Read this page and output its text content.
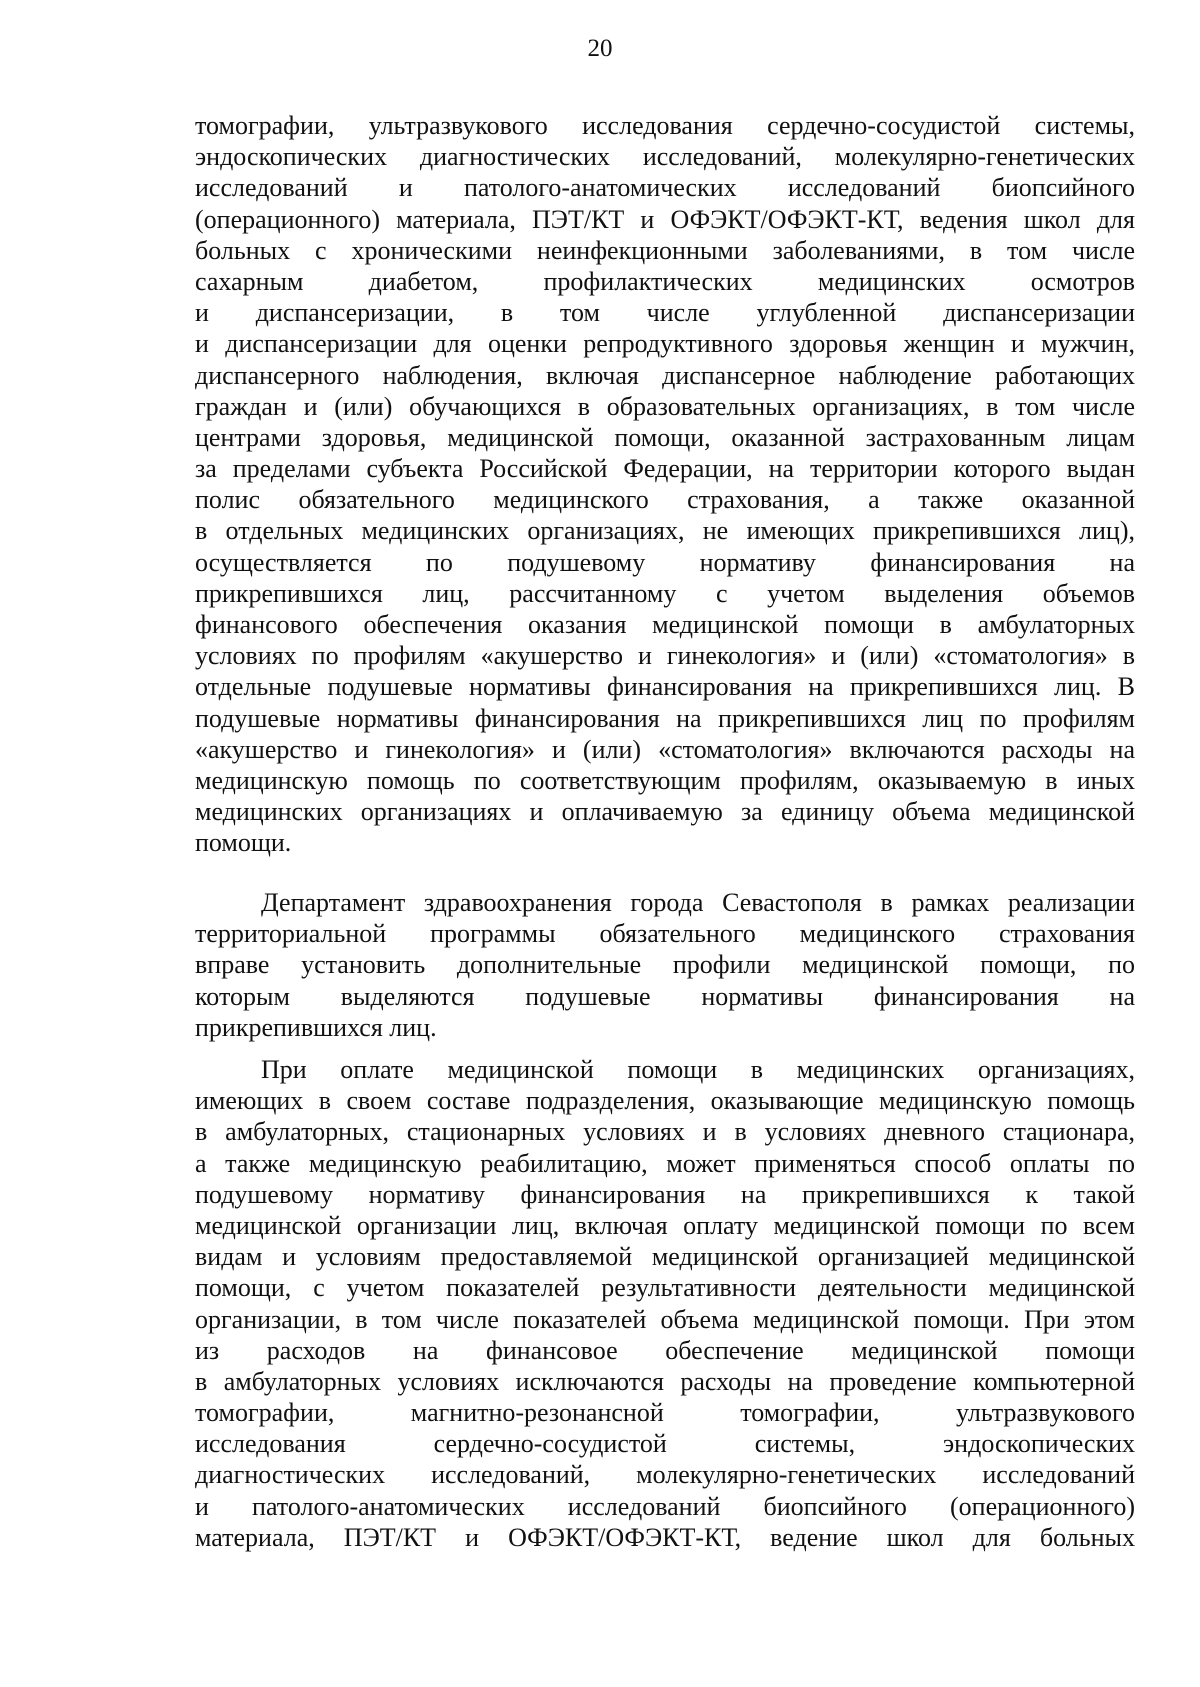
20
томографии, ультразвукового исследования сердечно-сосудистой системы,
эндоскопических диагностических исследований, молекулярно-генетических
исследований и патолого-анатомических исследований биопсийного
(операционного) материала, ПЭТ/КТ и ОФЭКТ/ОФЭКТ-КТ, ведения школ для
больных с хроническими неинфекционными заболеваниями, в том числе
сахарным диабетом, профилактических медицинских осмотров
и диспансеризации, в том числе углубленной диспансеризации
и диспансеризации для оценки репродуктивного здоровья женщин и мужчин,
диспансерного наблюдения, включая диспансерное наблюдение работающих
граждан и (или) обучающихся в образовательных организациях, в том числе
центрами здоровья, медицинской помощи, оказанной застрахованным лицам
за пределами субъекта Российской Федерации, на территории которого выдан
полис обязательного медицинского страхования, а также оказанной
в отдельных медицинских организациях, не имеющих прикрепившихся лиц),
осуществляется по подушевому нормативу финансирования на
прикрепившихся лиц, рассчитанному с учетом выделения объемов
финансового обеспечения оказания медицинской помощи в амбулаторных
условиях по профилям «акушерство и гинекология» и (или) «стоматология» в
отдельные подушевые нормативы финансирования на прикрепившихся лиц. В
подушевые нормативы финансирования на прикрепившихся лиц по профилям
«акушерство и гинекология» и (или) «стоматология» включаются расходы на
медицинскую помощь по соответствующим профилям, оказываемую в иных
медицинских организациях и оплачиваемую за единицу объема медицинской
помощи.
Департамент здравоохранения города Севастополя в рамках реализации
территориальной программы обязательного медицинского страхования
вправе установить дополнительные профили медицинской помощи, по
которым выделяются подушевые нормативы финансирования на
прикрепившихся лиц.
При оплате медицинской помощи в медицинских организациях,
имеющих в своем составе подразделения, оказывающие медицинскую помощь
в амбулаторных, стационарных условиях и в условиях дневного стационара,
а также медицинскую реабилитацию, может применяться способ оплаты по
подушевому нормативу финансирования на прикрепившихся к такой
медицинской организации лиц, включая оплату медицинской помощи по всем
видам и условиям предоставляемой медицинской организацией медицинской
помощи, с учетом показателей результативности деятельности медицинской
организации, в том числе показателей объема медицинской помощи. При этом
из расходов на финансовое обеспечение медицинской помощи
в амбулаторных условиях исключаются расходы на проведение компьютерной
томографии, магнитно-резонансной томографии, ультразвукового
исследования сердечно-сосудистой системы, эндоскопических
диагностических исследований, молекулярно-генетических исследований
и патолого-анатомических исследований биопсийного (операционного)
материала, ПЭТ/КТ и ОФЭКТ/ОФЭКТ-КТ, ведение школ для больных
